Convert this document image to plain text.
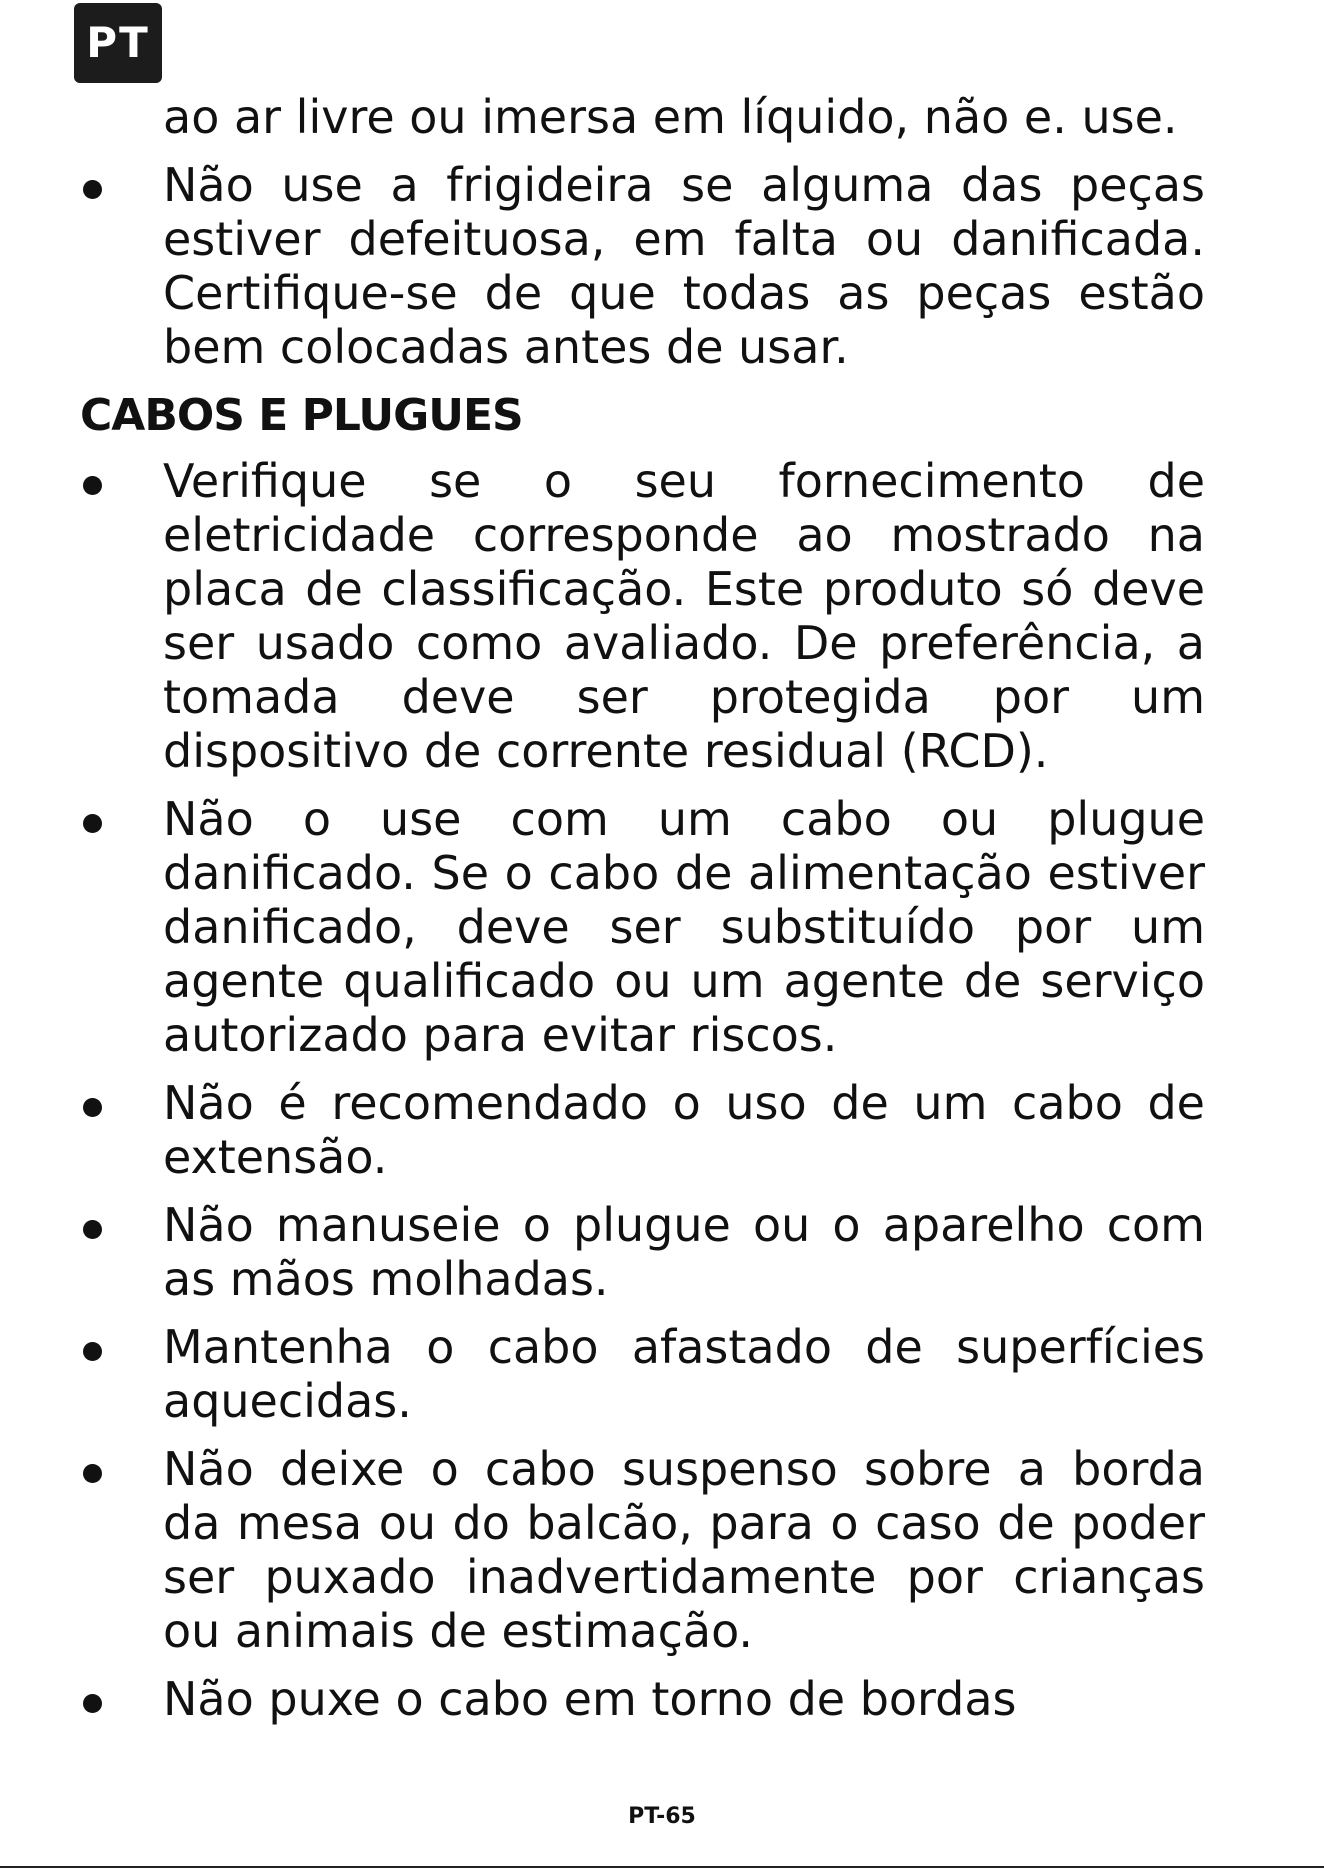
PT
ao ar livre ou imersa em líquido, não e. use.
Não use a frigideira se alguma das peças
estiver defeituosa, em falta ou danificada.
Certifique-se de que todas as peças estão
bem colocadas antes de usar.
CABOS E PLUGUES
Verifique se o seu fornecimento de
eletricidade corresponde ao mostrado na
placa de classificação. Este produto só deve
ser usado como avaliado. De preferência, a
tomada deve ser protegida por um
dispositivo de corrente residual (RCD).
Não o use com um cabo ou plugue
danificado. Se o cabo de alimentação estiver
danificado, deve ser substituído por um
agente qualificado ou um agente de serviço
autorizado para evitar riscos.
Não é recomendado o uso de um cabo de
extensão.
Não manuseie o plugue ou o aparelho com
as mãos molhadas.
Mantenha o cabo afastado de superfícies
aquecidas.
Não deixe o cabo suspenso sobre a borda
da mesa ou do balcão, para o caso de poder
ser puxado inadvertidamente por crianças
ou animais de estimação.
Não puxe o cabo em torno de bordas
PT-65
